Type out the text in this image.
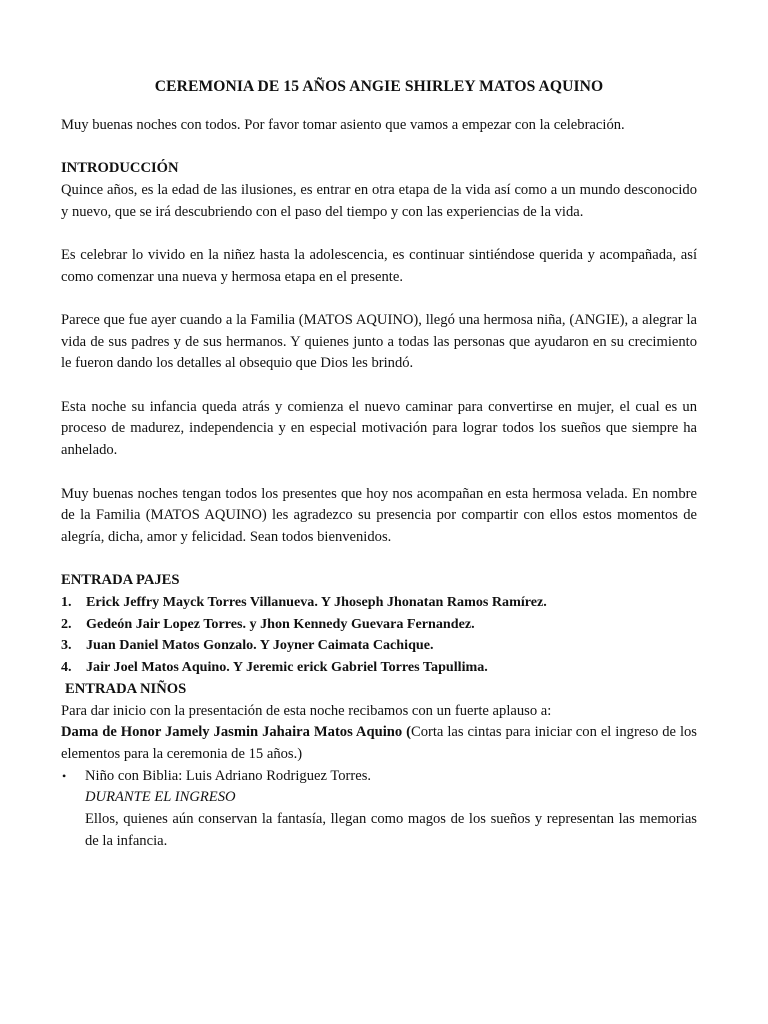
CEREMONIA DE 15 AÑOS ANGIE SHIRLEY MATOS AQUINO

Muy buenas noches con todos. Por favor tomar asiento que vamos a empezar con la celebración.

INTRODUCCIÓN

Quince años, es la edad de las ilusiones, es entrar en otra etapa de la vida así como a un mundo desconocido y nuevo, que se irá descubriendo con el paso del tiempo y con las experiencias de la vida.

Es celebrar lo vivido en la niñez hasta la adolescencia, es continuar sintiéndose querida y acompañada, así como comenzar una nueva y hermosa etapa en el presente.

Parece que fue ayer cuando a la Familia (MATOS AQUINO), llegó una hermosa niña, (ANGIE), a alegrar la vida de sus padres y de sus hermanos. Y quienes junto a todas las personas que ayudaron en su crecimiento le fueron dando los detalles al obsequio que Dios les brindó.

Esta noche su infancia queda atrás y comienza el nuevo caminar para convertirse en mujer, el cual es un proceso de madurez, independencia y en especial motivación para lograr todos los sueños que siempre ha anhelado.

Muy buenas noches tengan todos los presentes que hoy nos acompañan en esta hermosa velada. En nombre de la Familia (MATOS AQUINO) les agradezco su presencia por compartir con ellos estos momentos de alegría, dicha, amor y felicidad. Sean todos bienvenidos.

ENTRADA PAJES
1. Erick Jeffry Mayck Torres Villanueva. Y Jhoseph Jhonatan Ramos Ramírez.
2. Gedeón Jair Lopez Torres. y Jhon Kennedy Guevara Fernandez.
3. Juan Daniel Matos Gonzalo. Y Joyner Caimata Cachique.
4. Jair Joel Matos Aquino. Y Jeremic erick Gabriel Torres Tapullima.
ENTRADA NIÑOS

Para dar inicio con la presentación de esta noche recibamos con un fuerte aplauso a:

Dama de Honor Jamely Jasmin Jahaira Matos Aquino (Corta las cintas para iniciar con el ingreso de los elementos para la ceremonia de 15 años.)

• Niño con Biblia: Luis Adriano Rodriguez Torres.
DURANTE EL INGRESO

Ellos, quienes aún conservan la fantasía, llegan como magos de los sueños y representan las memorias de la infancia.
